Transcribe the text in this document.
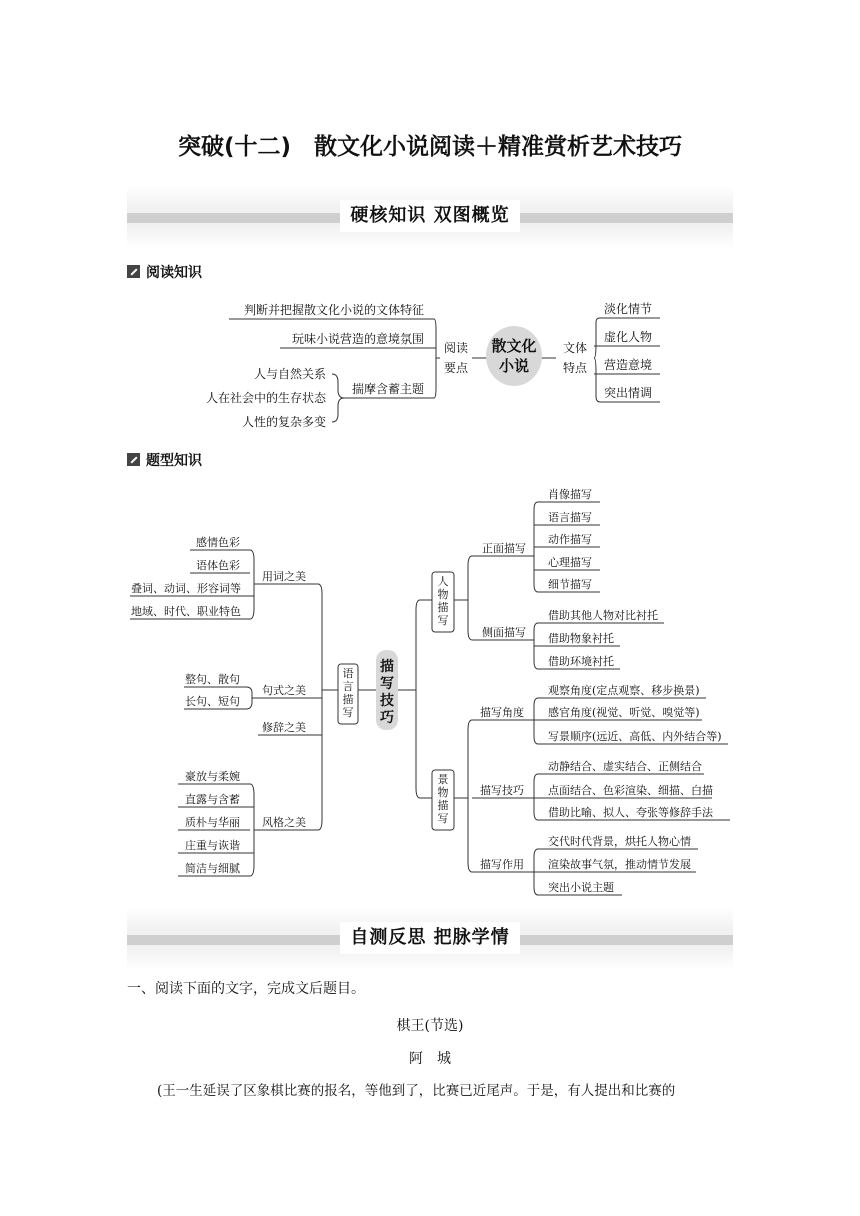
突破(十二)　散文化小说阅读＋精准赏析艺术技巧
硬核知识 双图概览
阅读知识
散文化
小说
阅读
要点
文体
特点
判断并把握散文化小说的文体特征
玩味小说营造的意境氛围
揣摩含蓄主题
人与自然关系
人在社会中的生存状态
人性的复杂多变
淡化情节
虚化人物
营造意境
突出情调
题型知识
语
言
描
写
描
写
技
巧
人
物
描
写
景
物
描
写
感情色彩
语体色彩
叠词、动词、形容词等
地域、时代、职业特色
用词之美
整句、散句
长句、短句
句式之美
修辞之美
豪放与柔婉
直露与含蓄
质朴与华丽
庄重与诙谐
简洁与细腻
风格之美
正面描写
侧面描写
肖像描写
语言描写
动作描写
心理描写
细节描写
借助其他人物对比衬托
借助物象衬托
借助环境衬托
描写角度
描写技巧
描写作用
观察角度(定点观察、移步换景)
感官角度(视觉、听觉、嗅觉等)
写景顺序(远近、高低、内外结合等)
动静结合、虚实结合、正侧结合
点面结合、色彩渲染、细描、白描
借助比喻、拟人、夸张等修辞手法
交代时代背景，烘托人物心情
渲染故事气氛，推动情节发展
突出小说主题
自测反思 把脉学情
一、阅读下面的文字，完成文后题目。
棋王(节选)
阿　城
(王一生延误了区象棋比赛的报名，等他到了，比赛已近尾声。于是，有人提出和比赛的
